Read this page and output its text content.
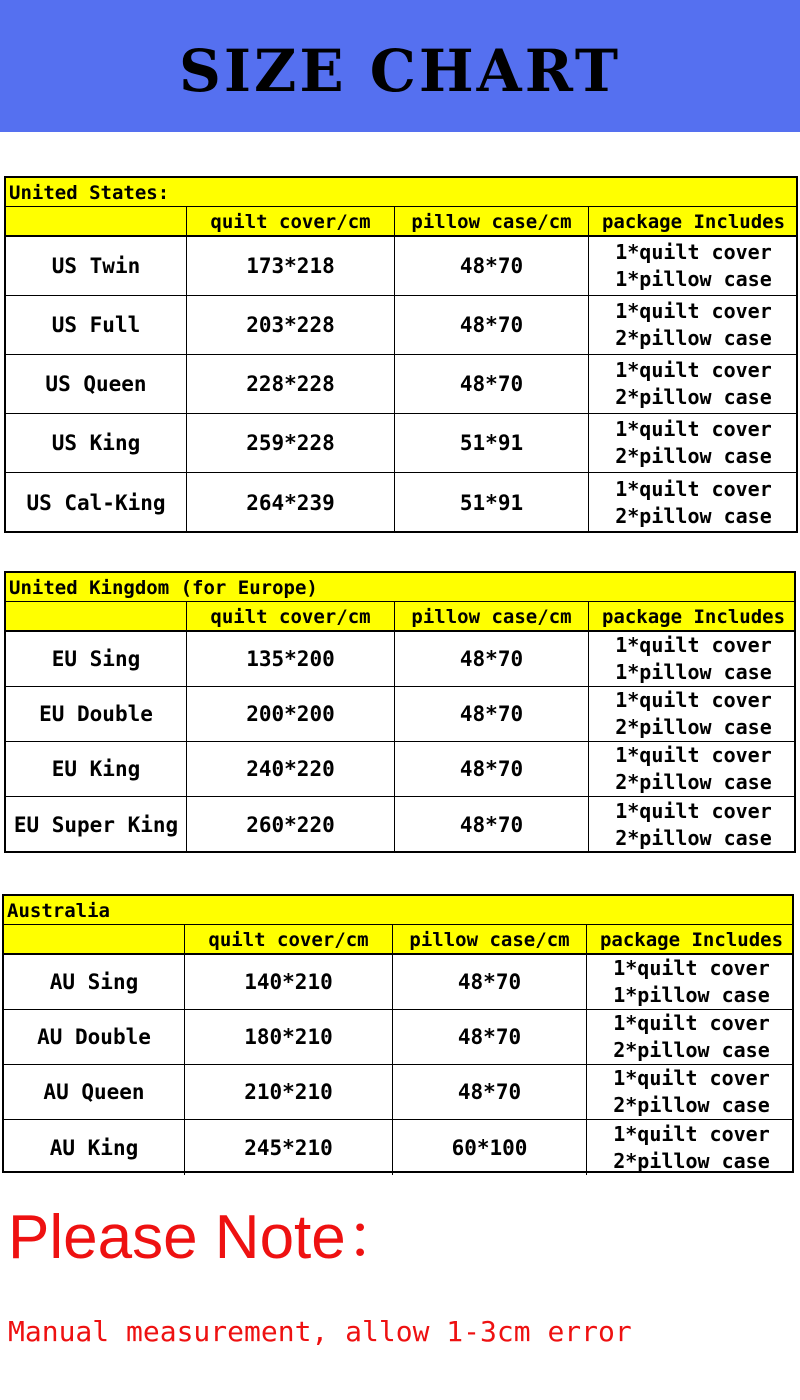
SIZE CHART
United States:
quilt cover/cm	pillow case/cm	package Includes
US Twin	173*218	48*70
1*quilt cover
1*pillow case
US Full	203*228	48*70
1*quilt cover
2*pillow case
US Queen	228*228	48*70
1*quilt cover
2*pillow case
US King	259*228	51*91
1*quilt cover
2*pillow case
US Cal-King	264*239	51*91
1*quilt cover
2*pillow case
United Kingdom (for Europe)
quilt cover/cm	pillow case/cm	package Includes
EU Sing	135*200	48*70
1*quilt cover
1*pillow case
EU Double	200*200	48*70
1*quilt cover
2*pillow case
EU King	240*220	48*70
1*quilt cover
2*pillow case
EU Super King	260*220	48*70
1*quilt cover
2*pillow case
Australia
quilt cover/cm	pillow case/cm	package Includes
AU Sing	140*210	48*70
1*quilt cover
1*pillow case
AU Double	180*210	48*70
1*quilt cover
2*pillow case
AU Queen	210*210	48*70
1*quilt cover
2*pillow case
AU King	245*210	60*100
1*quilt cover
2*pillow case
Please Note：
Manual measurement, allow 1-3cm error
